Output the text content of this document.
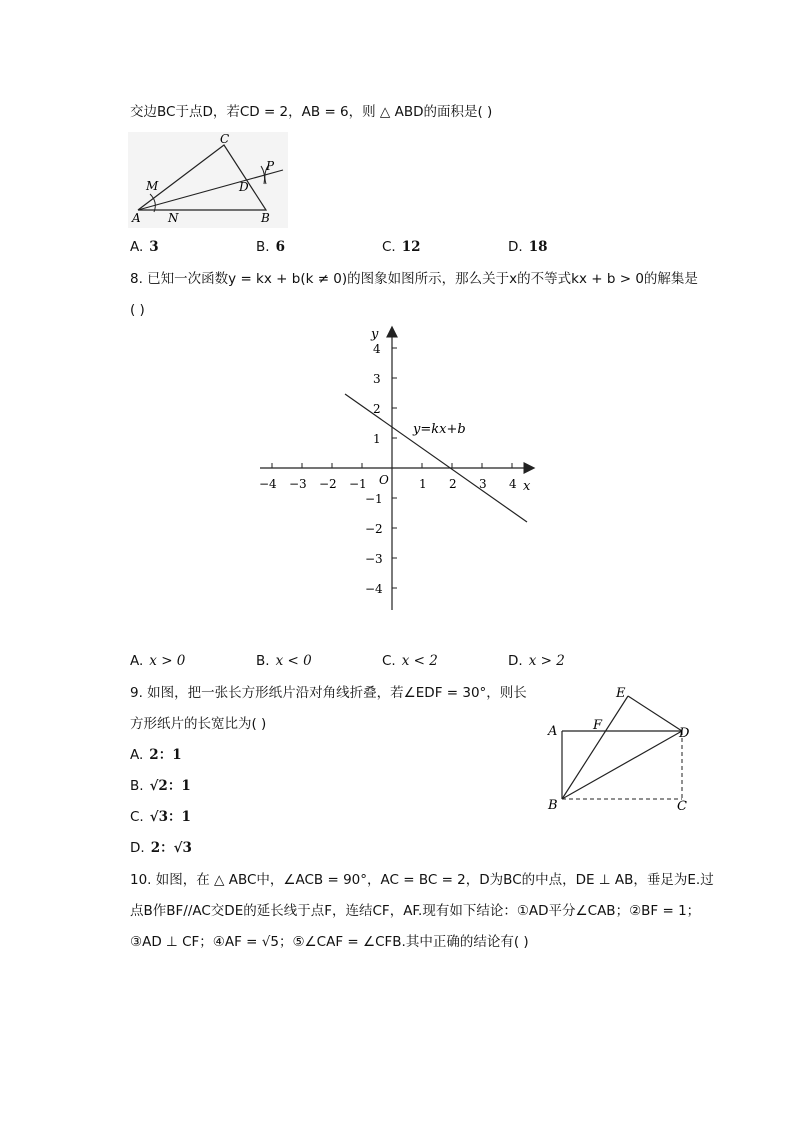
交边BC于点D，若CD = 2，AB = 6，则 △ ABD的面积是( )
C
P
M	D
A N	B
A. 3	B. 6	C. 12	D. 18
8. 已知一次函数y = kx + b(k ≠ 0)的图象如图所示，那么关于x的不等式kx + b > 0的解集是
( )
−4 −3 −2 −1	1 2 3 4
4
3
2
1
−1
−2
−3
−4
y
x
O
y=kx+b
A. x > 0	B. x < 0	C. x < 2	D. x > 2
9. 如图，把一张长方形纸片沿对角线折叠，若∠EDF = 30°，则长
方形纸片的长宽比为( )
E
A	F
D
B	C
A. 2：1
B. √2：1
C. √3：1
D. 2：√3
10. 如图，在 △ ABC中，∠ACB = 90°，AC = BC = 2，D为BC的中点，DE ⊥ AB，垂足为E.过
点B作BF//AC交DE的延长线于点F，连结CF，AF.现有如下结论：①AD平分∠CAB；②BF = 1；
③AD ⊥ CF；④AF = √5；⑤∠CAF = ∠CFB.其中正确的结论有( )
